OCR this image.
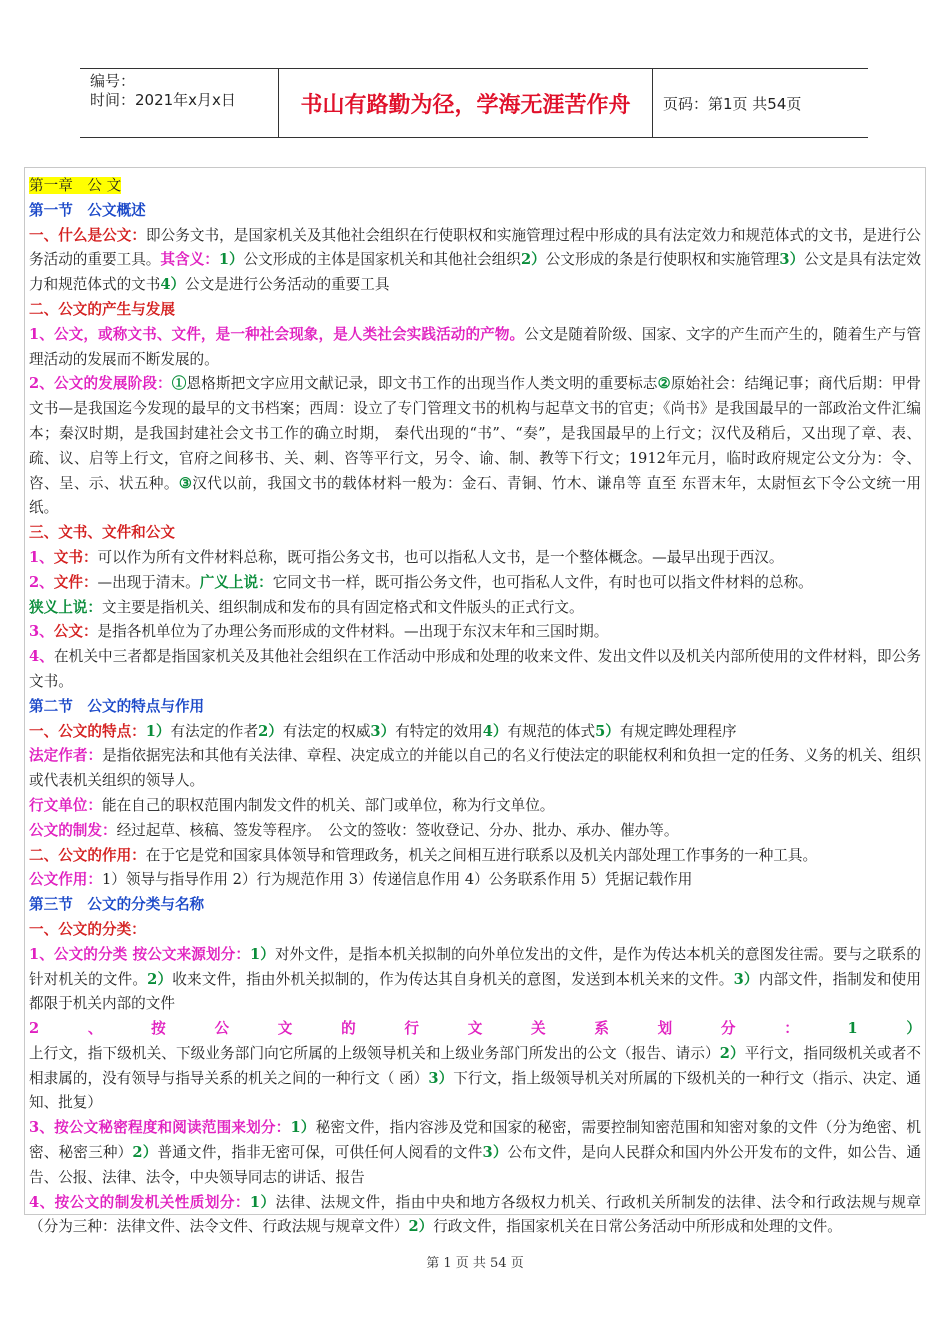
编号：
时间：2021年x月x日	书山有路勤为径，学海无涯苦作舟	页码：第1页 共54页

第一章　公 文

第一节　公文概述

一、什么是公文：即公务文书，是国家机关及其他社会组织在行使职权和实施管理过程中形成的具有法定效力和规范体式的文书，是进行公务活动的重要工具。其含义：1）公文形成的主体是国家机关和其他社会组织2）公文形成的条是行使职权和实施管理3）公文是具有法定效力和规范体式的文书4）公文是进行公务活动的重要工具

二、公文的产生与发展

1、公文，或称文书、文件，是一种社会现象，是人类社会实践活动的产物。公文是随着阶级、国家、文字的产生而产生的，随着生产与管理活动的发展而不断发展的。

2、公文的发展阶段：①恩格斯把文字应用文献记录，即文书工作的出现当作人类文明的重要标志②原始社会：结绳记事；商代后期：甲骨文书—是我国迄今发现的最早的文书档案；西周：设立了专门管理文书的机构与起草文书的官吏；《尚书》是我国最早的一部政治文件汇编本；秦汉时期，是我国封建社会文书工作的确立时期， 秦代出现的“书”、“奏”，是我国最早的上行文；汉代及稍后，又出现了章、表、疏、议、启等上行文，官府之间移书、关、刺、咨等平行文，另令、谕、制、教等下行文；1912年元月，临时政府规定公文分为：令、咨、呈、示、状五种。③汉代以前，我国文书的载体材料一般为：金石、青铜、竹木、谦帛等 直至 东晋末年，太尉恒玄下令公文统一用纸。

三、文书、文件和公文

1、文书：可以作为所有文件材料总称，既可指公务文书，也可以指私人文书，是一个整体概念。—最早出现于西汉。

2、文件：—出现于清末。广义上说：它同文书一样，既可指公务文件，也可指私人文件，有时也可以指文件材料的总称。

狭义上说：文主要是指机关、组织制成和发布的具有固定格式和文件版头的正式行文。

3、公文：是指各机单位为了办理公务而形成的文件材料。—出现于东汉末年和三国时期。

4、在机关中三者都是指国家机关及其他社会组织在工作活动中形成和处理的收来文件、发出文件以及机关内部所使用的文件材料，即公务文书。

第二节　公文的特点与作用

一、公文的特点：1）有法定的作者2）有法定的权威3）有特定的效用4）有规范的体式5）有规定睥处理程序

法定作者：是指依据宪法和其他有关法律、章程、决定成立的并能以自己的名义行使法定的职能权利和负担一定的任务、义务的机关、组织或代表机关组织的领导人。

行文单位：能在自己的职权范围内制发文件的机关、部门或单位，称为行文单位。

公文的制发：经过起草、核稿、签发等程序。　公文的签收：签收登记、分办、批办、承办、催办等。

二、公文的作用：在于它是党和国家具体领导和管理政务，机关之间相互进行联系以及机关内部处理工作事务的一种工具。

公文作用：1）领导与指导作用 2）行为规范作用 3）传递信息作用 4）公务联系作用 5）凭据记载作用

第三节　公文的分类与名称

一、公文的分类：

1、公文的分类 按公文来源划分：1）对外文件，是指本机关拟制的向外单位发出的文件，是作为传达本机关的意图发往需。要与之联系的针对机关的文件。2）收来文件，指由外机关拟制的，作为传达其自身机关的意图，发送到本机关来的文件。3）内部文件，指制发和使用都限于机关内部的文件

2、按公文的行文关系划分：1）上行文，指下级机关、下级业务部门向它所属的上级领导机关和上级业务部门所发出的公文（报告、请示）2）平行文，指同级机关或者不相隶属的，没有领导与指导关系的机关之间的一种行文（ 函）3）下行文，指上级领导机关对所属的下级机关的一种行文（指示、决定、通知、批复）

3、按公文秘密程度和阅读范围来划分：1）秘密文件，指内容涉及党和国家的秘密，需要控制知密范围和知密对象的文件（分为绝密、机密、秘密三种）2）普通文件，指非无密可保，可供任何人阅看的文件3）公布文件，是向人民群众和国内外公开发布的文件，如公告、通告、公报、法律、法令，中央领导同志的讲话、报告

4、按公文的制发机关性质划分：1）法律、法规文件，指由中央和地方各级权力机关、行政机关所制发的法律、法令和行政法规与规章（分为三种：法律文件、法令文件、行政法规与规章文件）2）行政文件，指国家机关在日常公务活动中所形成和处理的文件。

第 1 页 共 54 页
